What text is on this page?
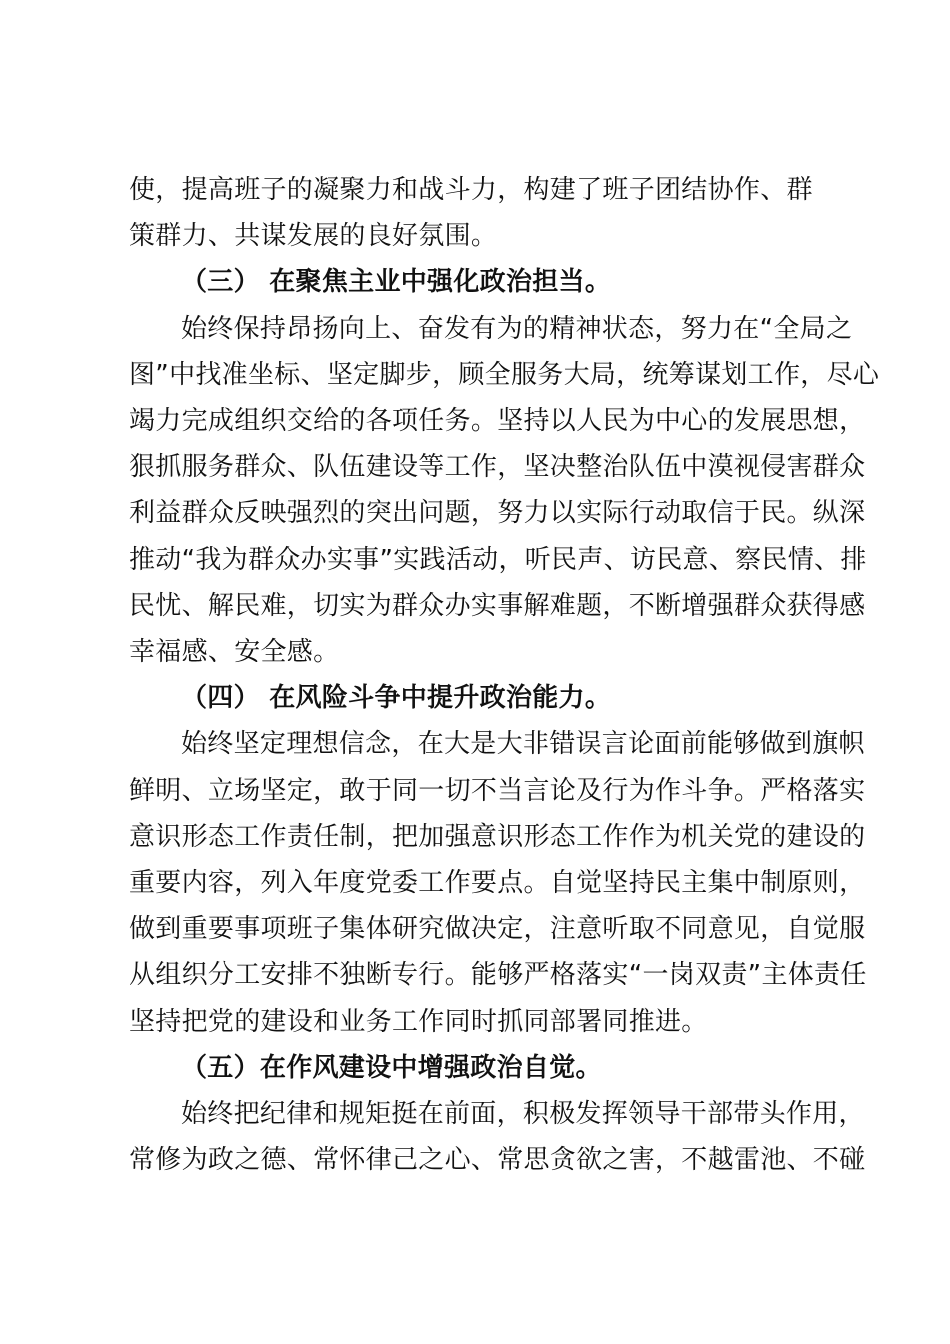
使，提高班子的凝聚力和战斗力，构建了班子团结协作、群
策群力、共谋发展的良好氛围。

（三） 在聚焦主业中强化政治担当。

始终保持昂扬向上、奋发有为的精神状态，努力在“全局之
图”中找准坐标、坚定脚步，顾全服务大局，统筹谋划工作，尽心
竭力完成组织交给的各项任务。坚持以人民为中心的发展思想，
狠抓服务群众、队伍建设等工作，坚决整治队伍中漠视侵害群众
利益群众反映强烈的突出问题，努力以实际行动取信于民。纵深
推动“我为群众办实事”实践活动，听民声、访民意、察民情、排
民忧、解民难，切实为群众办实事解难题，不断增强群众获得感
幸福感、安全感。

（四） 在风险斗争中提升政治能力。

始终坚定理想信念，在大是大非错误言论面前能够做到旗帜
鲜明、立场坚定，敢于同一切不当言论及行为作斗争。严格落实
意识形态工作责任制，把加强意识形态工作作为机关党的建设的
重要内容，列入年度党委工作要点。自觉坚持民主集中制原则，
做到重要事项班子集体研究做决定，注意听取不同意见，自觉服
从组织分工安排不独断专行。能够严格落实“一岗双责”主体责任
坚持把党的建设和业务工作同时抓同部署同推进。

（五）在作风建设中增强政治自觉。

始终把纪律和规矩挺在前面，积极发挥领导干部带头作用，
常修为政之德、常怀律己之心、常思贪欲之害，不越雷池、不碰
